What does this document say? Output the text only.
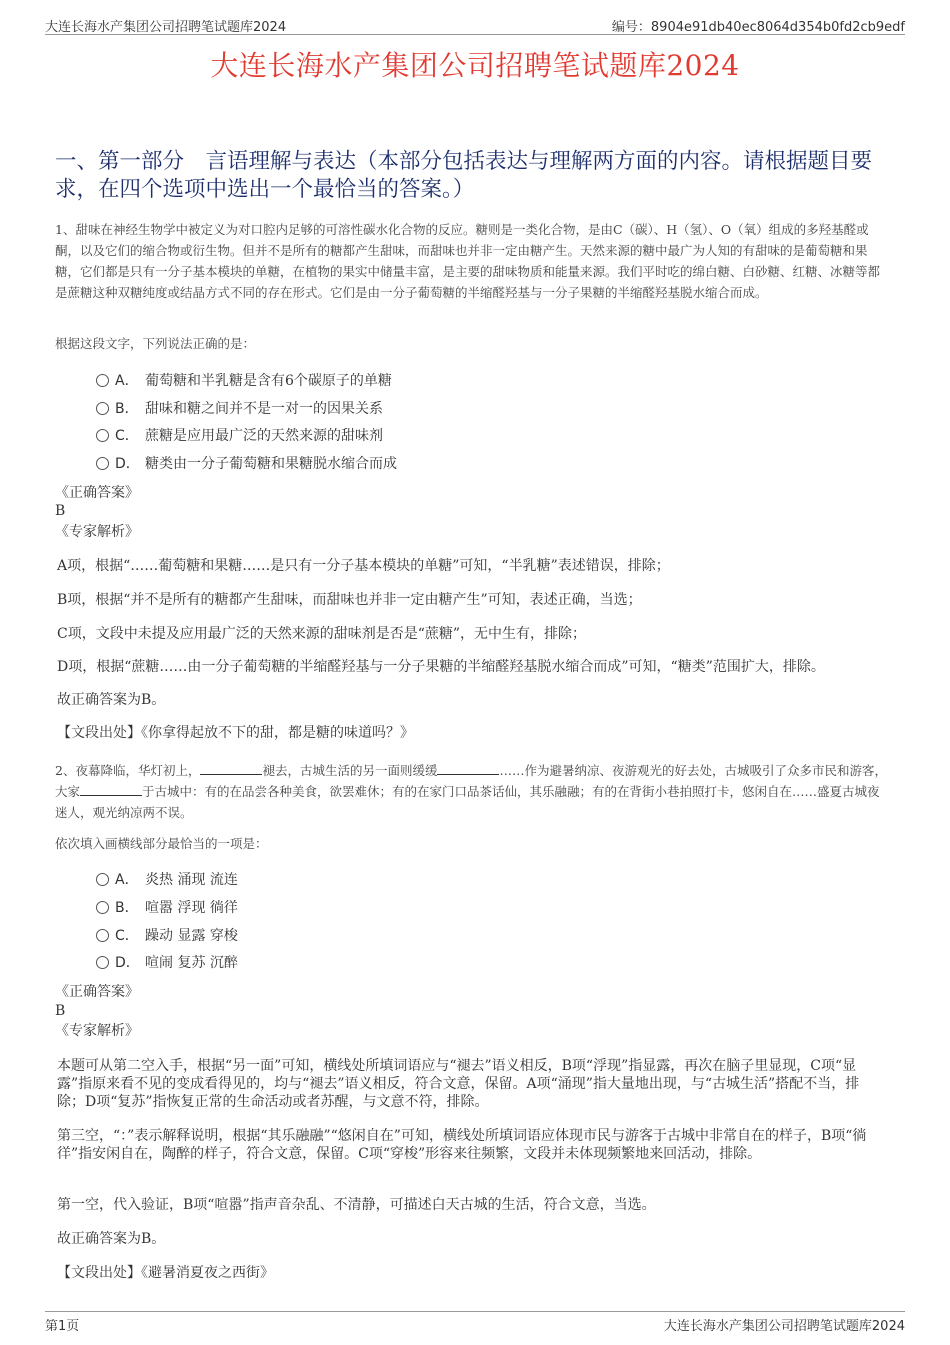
大连长海水产集团公司招聘笔试题库2024	编号：8904e91db40ec8064d354b0fd2cb9edf
大连长海水产集团公司招聘笔试题库2024
一、第一部分　言语理解与表达（本部分包括表达与理解两方面的内容。请根据题目要求，在四个选项中选出一个最恰当的答案。）
1、甜味在神经生物学中被定义为对口腔内足够的可溶性碳水化合物的反应。糖则是一类化合物，是由C（碳）、H（氢）、O（氧）组成的多羟基醛或酮，以及它们的缩合物或衍生物。但并不是所有的糖都产生甜味，而甜味也并非一定由糖产生。天然来源的糖中最广为人知的有甜味的是葡萄糖和果糖，它们都是只有一分子基本模块的单糖，在植物的果实中储量丰富，是主要的甜味物质和能量来源。我们平时吃的绵白糖、白砂糖、红糖、冰糖等都是蔗糖这种双糖纯度或结晶方式不同的存在形式。它们是由一分子葡萄糖的半缩醛羟基与一分子果糖的半缩醛羟基脱水缩合而成。
根据这段文字，下列说法正确的是：
A． 葡萄糖和半乳糖是含有6个碳原子的单糖
B． 甜味和糖之间并不是一对一的因果关系
C． 蔗糖是应用最广泛的天然来源的甜味剂
D． 糖类由一分子葡萄糖和果糖脱水缩合而成
《正确答案》
B
《专家解析》
A项，根据“……葡萄糖和果糖……是只有一分子基本模块的单糖”可知，“半乳糖”表述错误，排除；
B项，根据“并不是所有的糖都产生甜味，而甜味也并非一定由糖产生”可知，表述正确，当选；
C项，文段中未提及应用最广泛的天然来源的甜味剂是否是“蔗糖”，无中生有，排除；
D项，根据“蔗糖……由一分子葡萄糖的半缩醛羟基与一分子果糖的半缩醛羟基脱水缩合而成”可知，“糖类”范围扩大，排除。
故正确答案为B。
【文段出处】《你拿得起放不下的甜，都是糖的味道吗？》
2、夜幕降临，华灯初上，	褪去，古城生活的另一面则缓缓	……作为避暑纳凉、夜游观光的好去处，古城吸引了众多市民和游客，大家	于古城中：有的在品尝各种美食，欲罢难休；有的在家门口品茶话仙，其乐融融；有的在背街小巷拍照打卡，悠闲自在……盛夏古城夜迷人，观光纳凉两不误。
依次填入画横线部分最恰当的一项是：
A． 炎热 涌现 流连
B． 喧嚣 浮现 徜徉
C． 躁动 显露 穿梭
D． 喧闹 复苏 沉醉
《正确答案》
B
《专家解析》
本题可从第二空入手，根据“另一面”可知，横线处所填词语应与“褪去”语义相反，B项“浮现”指显露，再次在脑子里显现，C项“显露”指原来看不见的变成看得见的，均与“褪去”语义相反，符合文意，保留。A项“涌现”指大量地出现，与“古城生活”搭配不当，排除；D项“复苏”指恢复正常的生命活动或者苏醒，与文意不符，排除。
第三空，“：”表示解释说明，根据“其乐融融”“悠闲自在”可知，横线处所填词语应体现市民与游客于古城中非常自在的样子，B项“徜徉”指安闲自在，陶醉的样子，符合文意，保留。C项“穿梭”形容来往频繁，文段并未体现频繁地来回活动，排除。
第一空，代入验证，B项“喧嚣”指声音杂乱、不清静，可描述白天古城的生活，符合文意，当选。
故正确答案为B。
【文段出处】《避暑消夏夜之西街》
第1页	大连长海水产集团公司招聘笔试题库2024
